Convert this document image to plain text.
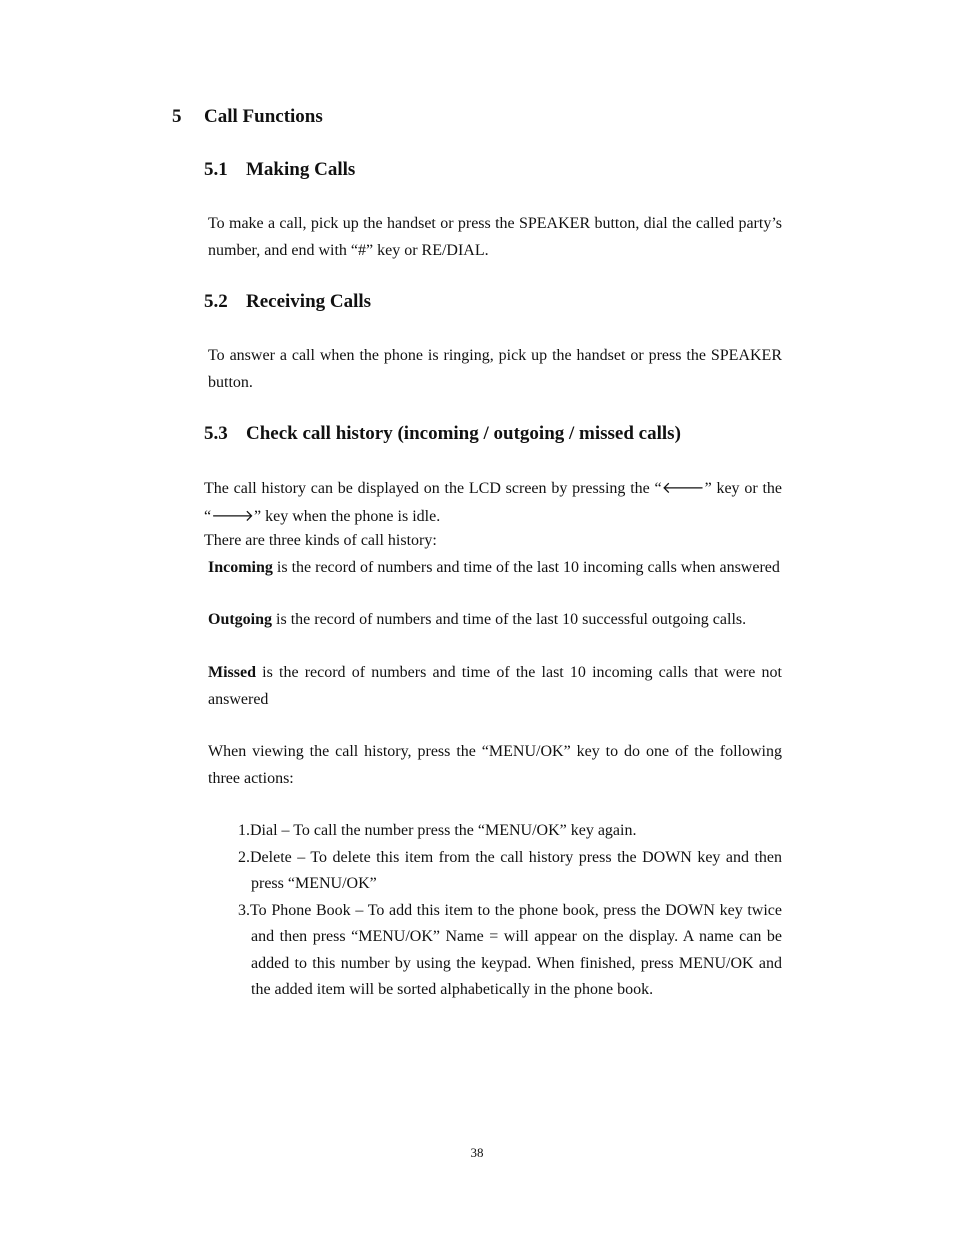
5 Call Functions
5.1 Making Calls
To make a call, pick up the handset or press the SPEAKER button, dial the called party’s number, and end with “#” key or RE/DIAL.
5.2 Receiving Calls
To answer a call when the phone is ringing, pick up the handset or press the SPEAKER button.
5.3 Check call history (incoming / outgoing / missed calls)
The call history can be displayed on the LCD screen by pressing the “🡐” key or the “🡒” key when the phone is idle.
There are three kinds of call history:
Incoming is the record of numbers and time of the last 10 incoming calls when answered
Outgoing is the record of numbers and time of the last 10 successful outgoing calls.
Missed is the record of numbers and time of the last 10 incoming calls that were not answered
When viewing the call history, press the “MENU/OK” key to do one of the following three actions:
1.Dial – To call the number press the “MENU/OK” key again.
2.Delete – To delete this item from the call history press the DOWN key and then press “MENU/OK”
3.To Phone Book – To add this item to the phone book, press the DOWN key twice and then press “MENU/OK” Name = will appear on the display. A name can be added to this number by using the keypad. When finished, press MENU/OK and the added item will be sorted alphabetically in the phone book.
38
